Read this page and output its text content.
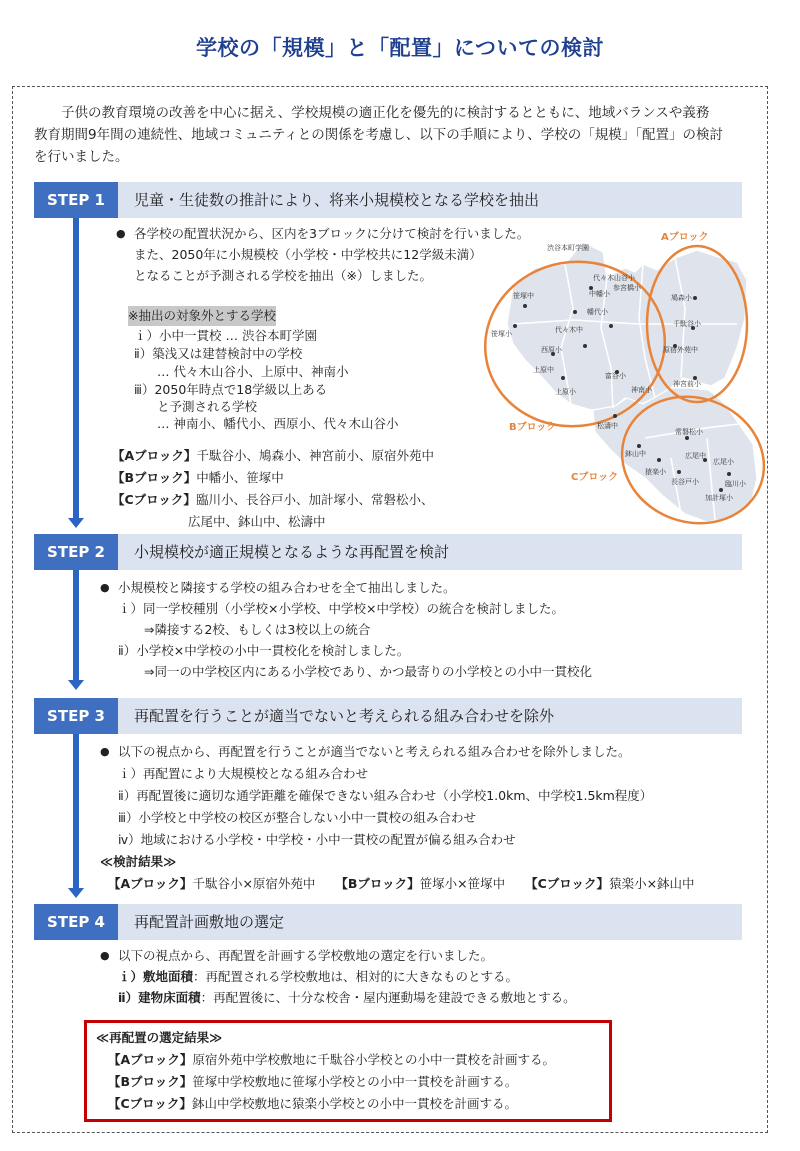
学校の「規模」と「配置」についての検討
子供の教育環境の改善を中心に据え、学校規模の適正化を優先的に検討するとともに、地域バランスや義務
教育期間9年間の連続性、地域コミュニティとの関係を考慮し、以下の手順により、学校の「規模」「配置」の検討
を行いました。
STEP 1	児童・生徒数の推計により、将来小規模校となる学校を抽出
● 各学校の配置状況から、区内を3ブロックに分けて検討を行いました。
また、2050年に小規模校（小学校・中学校共に12学級未満）
となることが予測される学校を抽出（※）しました。
※抽出の対象外とする学校
ｉ）小中一貫校 … 渋谷本町学園
ⅱ）築浅又は建替検討中の学校
… 代々木山谷小、上原中、神南小
ⅲ）2050年時点で18学級以上ある
と予測される学校
… 神南小、幡代小、西原小、代々木山谷小
【Aブロック】千駄谷小、鳩森小、神宮前小、原宿外苑中
【Bブロック】中幡小、笹塚中
【Cブロック】臨川小、長谷戸小、加計塚小、常磐松小、
広尾中、鉢山中、松濤中
渋谷本町学園
中幡小
笹塚中
笹塚小
幡代小
代々木中
西原小
上原小
上原中
富谷小
代々木山谷小
参宮橋小
鳩森小
千駄谷小
原宿外苑中
神宮前小
神南小
松濤中
鉢山中
猿楽小
常磐松小
広尾中
長谷戸小
広尾小
臨川小
加計塚小
Aブロック
Bブロック
Cブロック
STEP 2	小規模校が適正規模となるような再配置を検討
● 小規模校と隣接する学校の組み合わせを全て抽出しました。
ｉ）同一学校種別（小学校×小学校、中学校×中学校）の統合を検討しました。
⇒隣接する2校、もしくは3校以上の統合
ⅱ）小学校×中学校の小中一貫校化を検討しました。
⇒同一の中学校区内にある小学校であり、かつ最寄りの小学校との小中一貫校化
STEP 3	再配置を行うことが適当でないと考えられる組み合わせを除外
● 以下の視点から、再配置を行うことが適当でないと考えられる組み合わせを除外しました。
ｉ）再配置により大規模校となる組み合わせ
ⅱ）再配置後に適切な通学距離を確保できない組み合わせ（小学校1.0km、中学校1.5km程度）
ⅲ）小学校と中学校の校区が整合しない小中一貫校の組み合わせ
ⅳ）地域における小学校・中学校・小中一貫校の配置が偏る組み合わせ
≪検討結果≫
【Aブロック】千駄谷小×原宿外苑中 【Bブロック】笹塚小×笹塚中 【Cブロック】猿楽小×鉢山中
STEP 4	再配置計画敷地の選定
● 以下の視点から、再配置を計画する学校敷地の選定を行いました。
ｉ）敷地面積：再配置される学校敷地は、相対的に大きなものとする。
ⅱ）建物床面積：再配置後に、十分な校舎・屋内運動場を建設できる敷地とする。
≪再配置の選定結果≫
【Aブロック】原宿外苑中学校敷地に千駄谷小学校との小中一貫校を計画する。
【Bブロック】笹塚中学校敷地に笹塚小学校との小中一貫校を計画する。
【Cブロック】鉢山中学校敷地に猿楽小学校との小中一貫校を計画する。
